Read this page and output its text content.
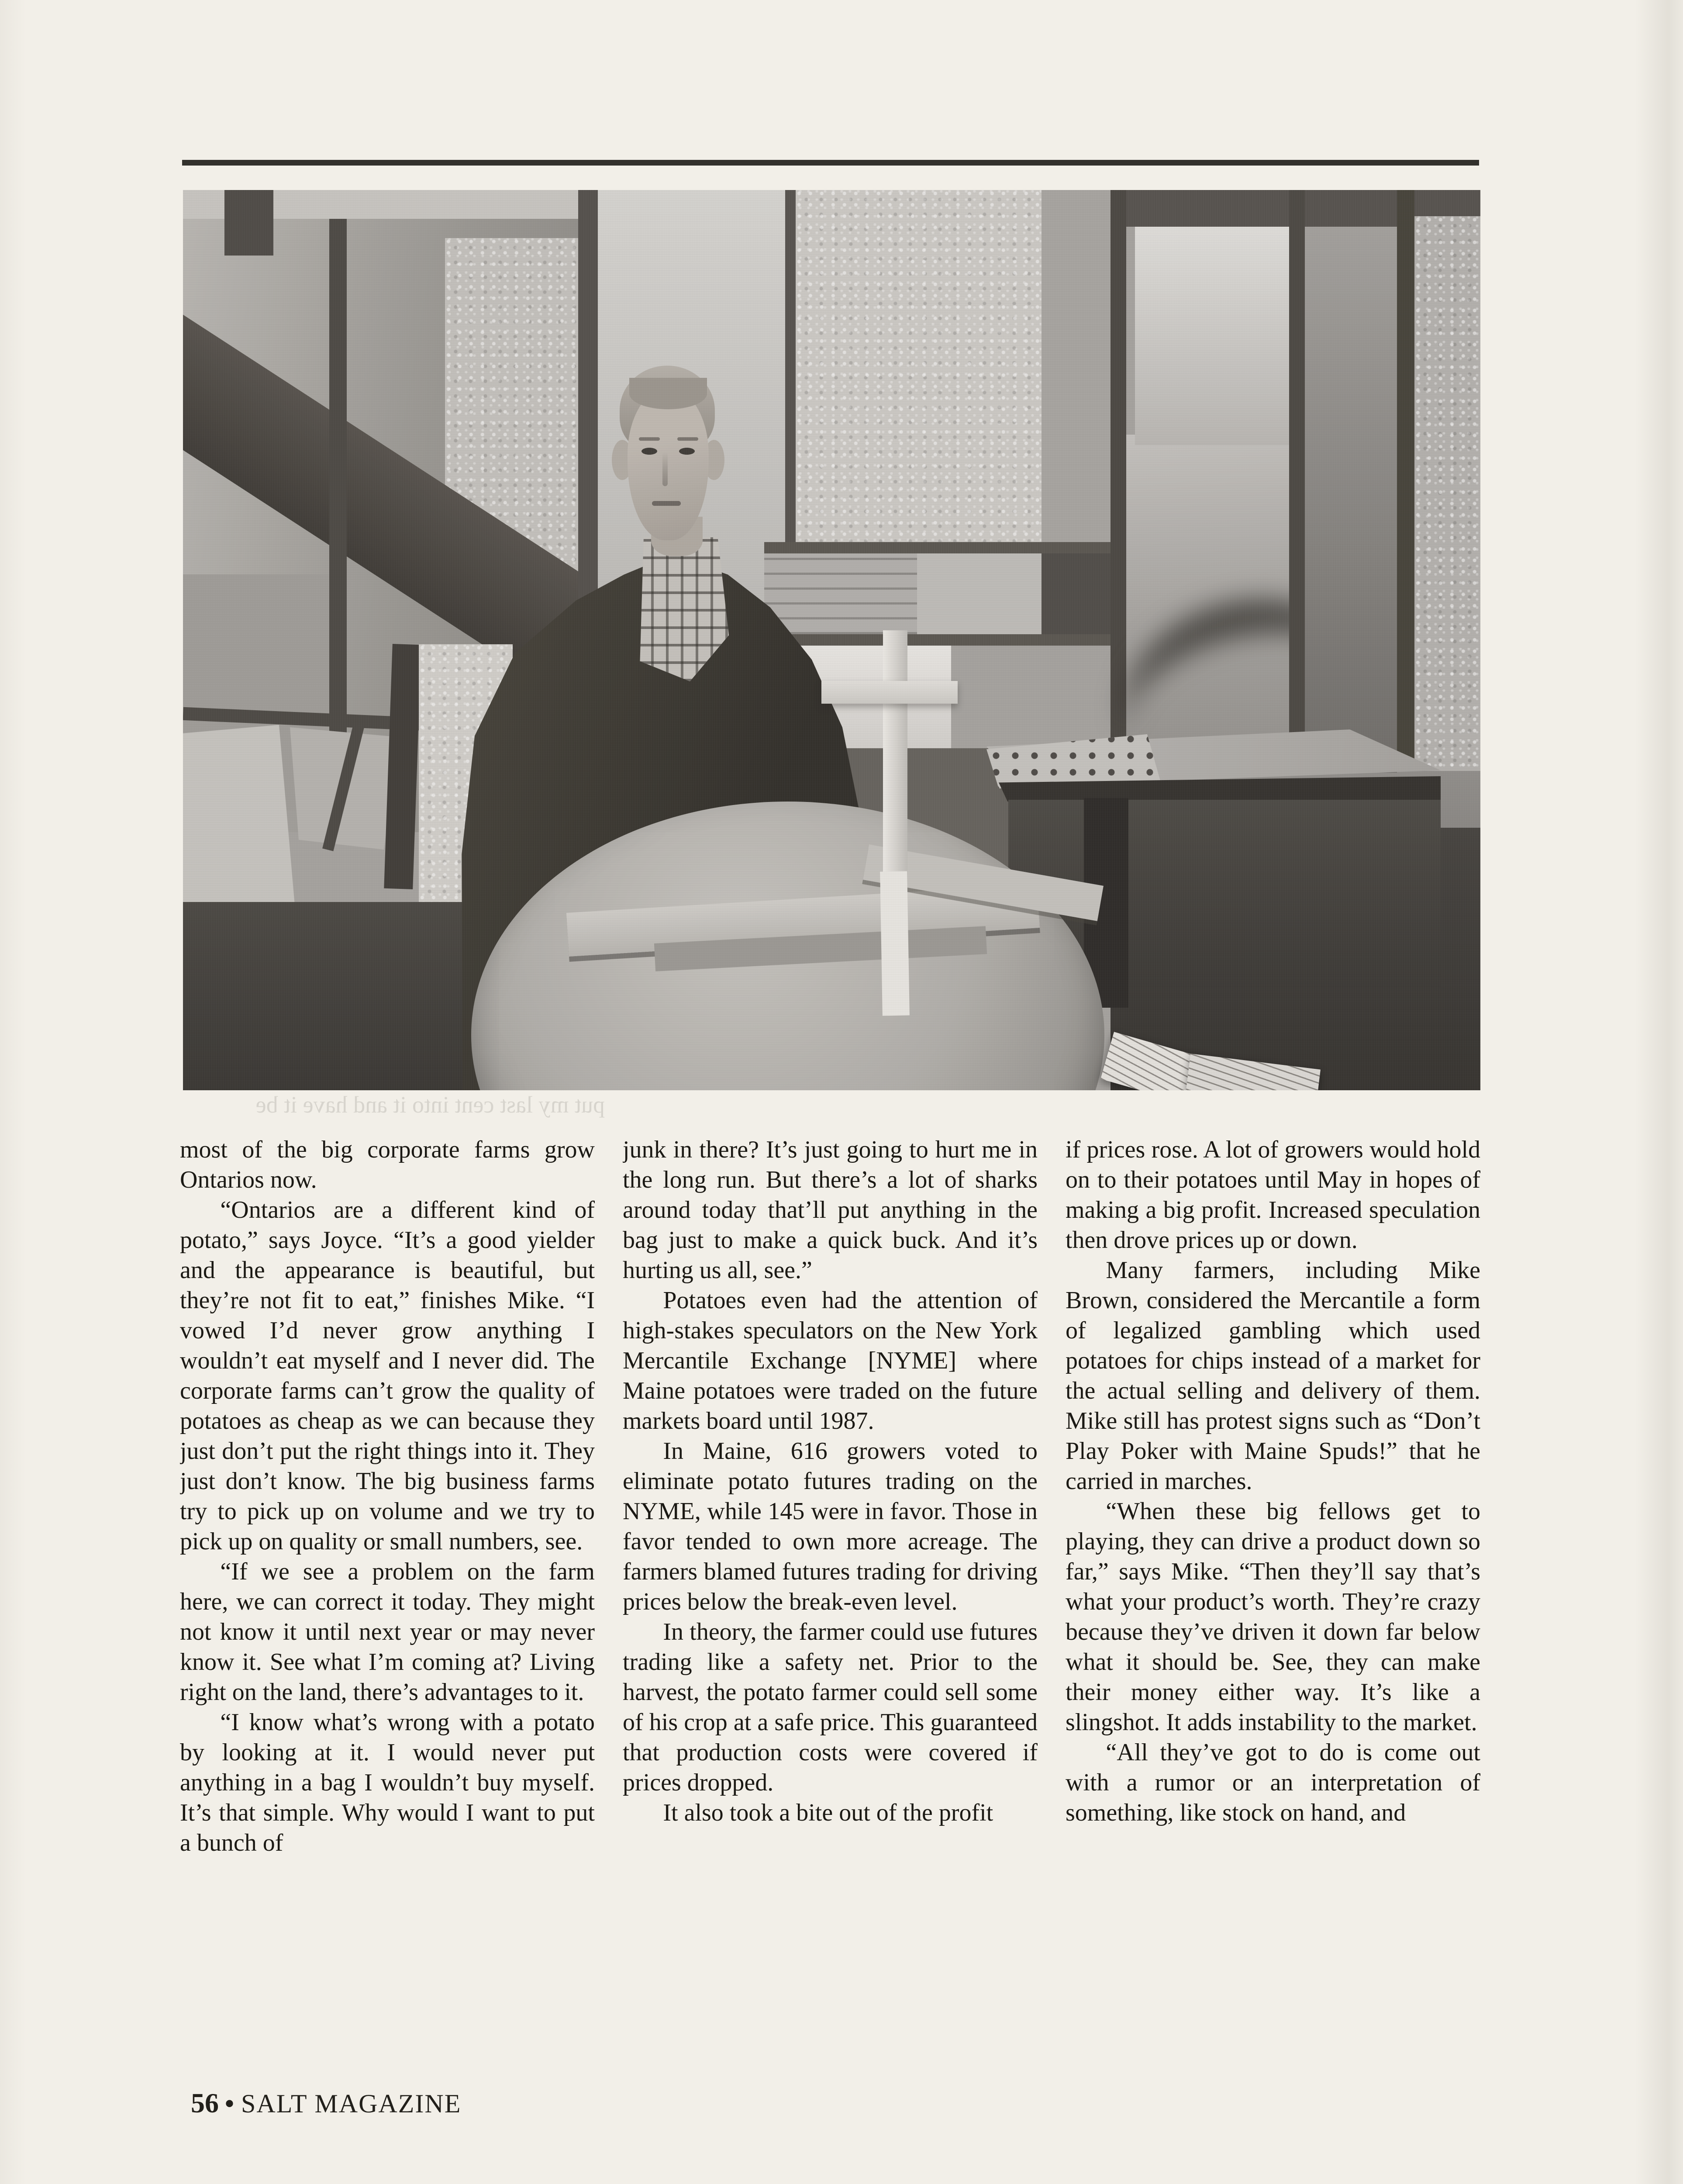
put my last cent into it and have it be

most of the big corporate farms grow Ontarios now.

“Ontarios are a different kind of potato,” says Joyce. “It’s a good yielder and the appearance is beautiful, but they’re not fit to eat,” finishes Mike. “I vowed I’d never grow anything I wouldn’t eat myself and I never did. The corporate farms can’t grow the quality of potatoes as cheap as we can because they just don’t put the right things into it. They just don’t know. The big business farms try to pick up on volume and we try to pick up on quality or small numbers, see.

“If we see a problem on the farm here, we can correct it today. They might not know it until next year or may never know it. See what I’m coming at? Living right on the land, there’s advantages to it.

“I know what’s wrong with a potato by looking at it. I would never put anything in a bag I wouldn’t buy myself. It’s that simple. Why would I want to put a bunch of

junk in there? It’s just going to hurt me in the long run. But there’s a lot of sharks around today that’ll put anything in the bag just to make a quick buck. And it’s hurting us all, see.”

Potatoes even had the attention of high-stakes speculators on the New York Mercantile Exchange [NYME] where Maine potatoes were traded on the future markets board until 1987.

In Maine, 616 growers voted to eliminate potato futures trading on the NYME, while 145 were in favor. Those in favor tended to own more acreage. The farmers blamed futures trading for driving prices below the break-even level.

In theory, the farmer could use futures trading like a safety net. Prior to the harvest, the potato farmer could sell some of his crop at a safe price. This guaranteed that production costs were covered if prices dropped.

It also took a bite out of the profit

if prices rose. A lot of growers would hold on to their potatoes until May in hopes of making a big profit. Increased speculation then drove prices up or down.

Many farmers, including Mike Brown, considered the Mercantile a form of legalized gambling which used potatoes for chips instead of a market for the actual selling and delivery of them. Mike still has protest signs such as “Don’t Play Poker with Maine Spuds!” that he carried in marches.

“When these big fellows get to playing, they can drive a product down so far,” says Mike. “Then they’ll say that’s what your product’s worth. They’re crazy because they’ve driven it down far below what it should be. See, they can make their money either way. It’s like a slingshot. It adds instability to the market.

“All they’ve got to do is come out with a rumor or an interpretation of something, like stock on hand, and

56 • SALT MAGAZINE
